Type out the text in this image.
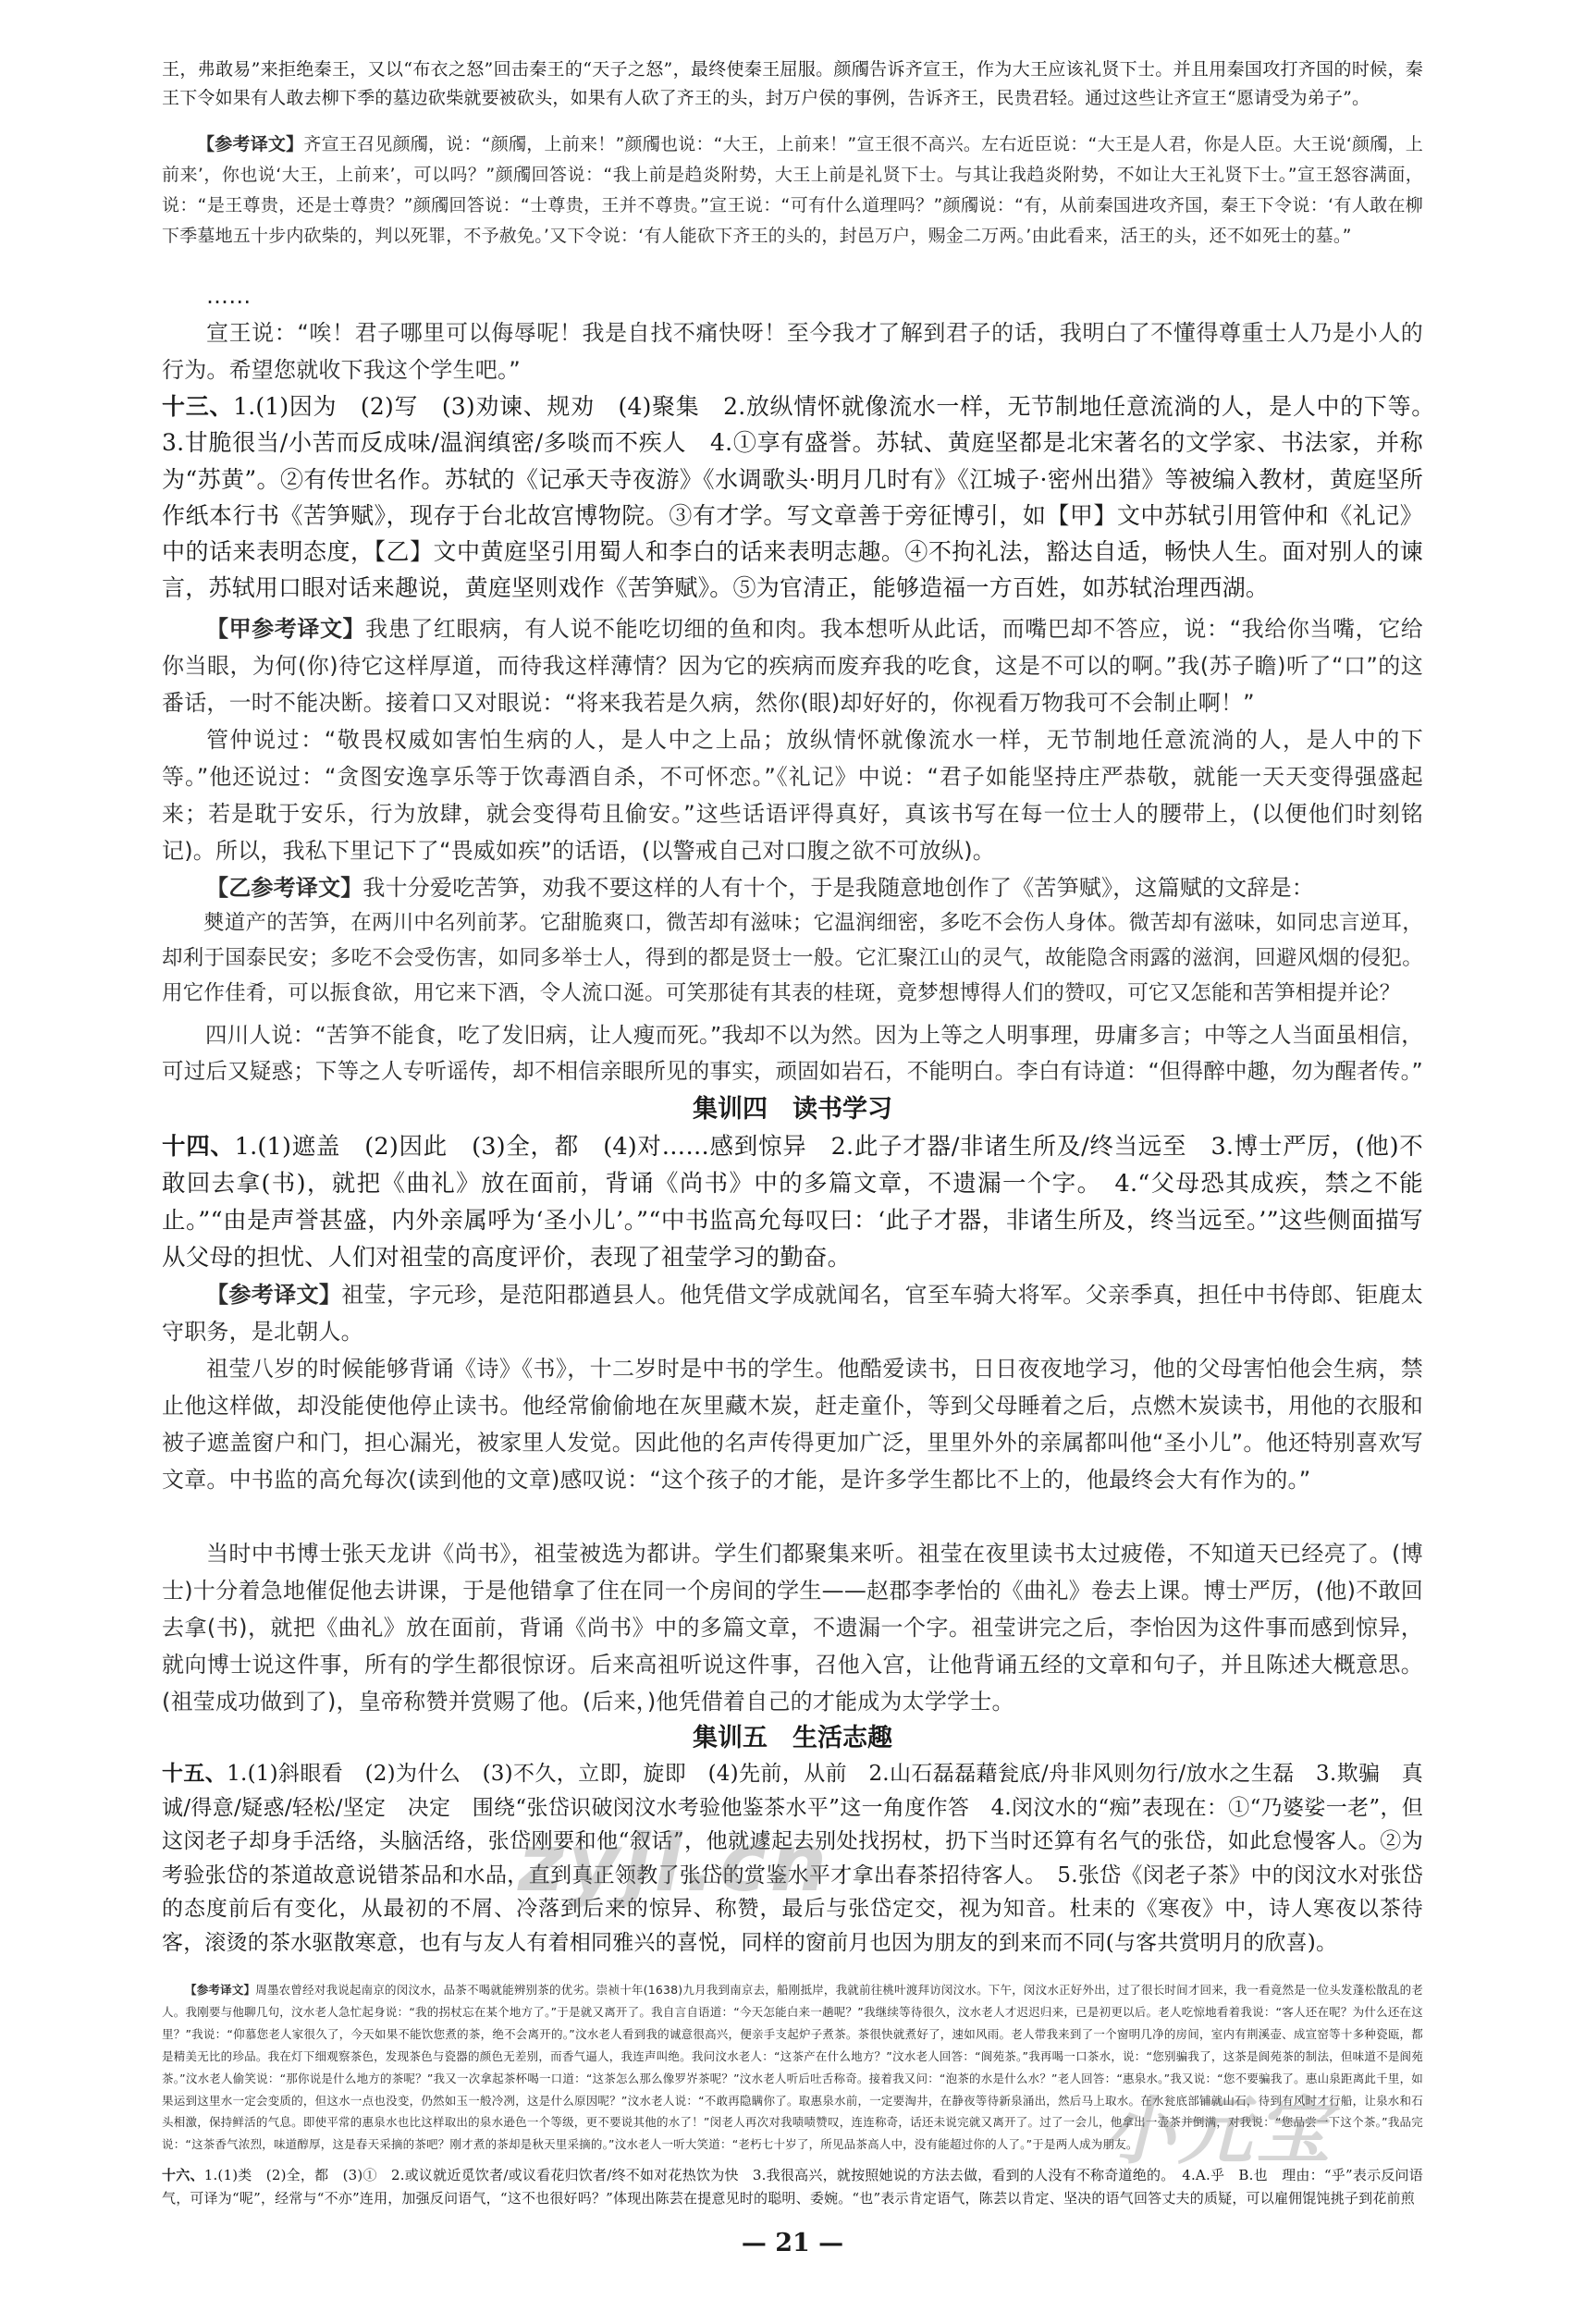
王，弗敢易”来拒绝秦王，又以“布衣之怒”回击秦王的“天子之怒”，最终使秦王屈服。颜斶告诉齐宣王，作为大王应该礼贤下士。并且用秦国攻打齐国的时候，秦王下令如果有人敢去柳下季的墓边砍柴就要被砍头，如果有人砍了齐王的头，封万户侯的事例，告诉齐王，民贵君轻。通过这些让齐宣王“愿请受为弟子”。
【参考译文】齐宣王召见颜斶，说：“颜斶，上前来！”颜斶也说：“大王，上前来！”宣王很不高兴。左右近臣说：“大王是人君，你是人臣。大王说‘颜斶，上前来’，你也说‘大王，上前来’，可以吗？”颜斶回答说：“我上前是趋炎附势，大王上前是礼贤下士。与其让我趋炎附势，不如让大王礼贤下士。”宣王怒容满面，说：“是王尊贵，还是士尊贵？”颜斶回答说：“士尊贵，王并不尊贵。”宣王说：“可有什么道理吗？”颜斶说：“有，从前秦国进攻齐国，秦王下令说：‘有人敢在柳下季墓地五十步内砍柴的，判以死罪，不予赦免。’又下令说：‘有人能砍下齐王的头的，封邑万户，赐金二万两。’由此看来，活王的头，还不如死士的墓。”
……
宣王说：“唉！君子哪里可以侮辱呢！我是自找不痛快呀！至今我才了解到君子的话，我明白了不懂得尊重士人乃是小人的行为。希望您就收下我这个学生吧。”
十三、1.(1)因为　(2)写　(3)劝谏、规劝　(4)聚集　2.放纵情怀就像流水一样，无节制地任意流淌的人，是人中的下等。　3.甘脆很当/小苦而反成味/温润缜密/多啖而不疾人　4.①享有盛誉。苏轼、黄庭坚都是北宋著名的文学家、书法家，并称为“苏黄”。②有传世名作。苏轼的《记承天寺夜游》《水调歌头·明月几时有》《江城子·密州出猎》等被编入教材，黄庭坚所作纸本行书《苦笋赋》，现存于台北故宫博物院。③有才学。写文章善于旁征博引，如【甲】文中苏轼引用管仲和《礼记》中的话来表明态度，【乙】文中黄庭坚引用蜀人和李白的话来表明志趣。④不拘礼法，豁达自适，畅快人生。面对别人的谏言，苏轼用口眼对话来趣说，黄庭坚则戏作《苦笋赋》。⑤为官清正，能够造福一方百姓，如苏轼治理西湖。
【甲参考译文】我患了红眼病，有人说不能吃切细的鱼和肉。我本想听从此话，而嘴巴却不答应，说：“我给你当嘴，它给你当眼，为何(你)待它这样厚道，而待我这样薄情？因为它的疾病而废弃我的吃食，这是不可以的啊。”我(苏子瞻)听了“口”的这番话，一时不能决断。接着口又对眼说：“将来我若是久病，然你(眼)却好好的，你视看万物我可不会制止啊！”
管仲说过：“敬畏权威如害怕生病的人，是人中之上品；放纵情怀就像流水一样，无节制地任意流淌的人，是人中的下等。”他还说过：“贪图安逸享乐等于饮毒酒自杀，不可怀恋。”《礼记》中说：“君子如能坚持庄严恭敬，就能一天天变得强盛起来；若是耽于安乐，行为放肆，就会变得苟且偷安。”这些话语评得真好，真该书写在每一位士人的腰带上，(以便他们时刻铭记)。所以，我私下里记下了“畏威如疾”的话语，(以警戒自己对口腹之欲不可放纵)。
【乙参考译文】我十分爱吃苦笋，劝我不要这样的人有十个，于是我随意地创作了《苦笋赋》，这篇赋的文辞是：
僰道产的苦笋，在两川中名列前茅。它甜脆爽口，微苦却有滋味；它温润细密，多吃不会伤人身体。微苦却有滋味，如同忠言逆耳，却利于国泰民安；多吃不会受伤害，如同多举士人，得到的都是贤士一般。它汇聚江山的灵气，故能隐含雨露的滋润，回避风烟的侵犯。用它作佳肴，可以振食欲，用它来下酒，令人流口涎。可笑那徒有其表的桂斑，竟梦想博得人们的赞叹，可它又怎能和苦笋相提并论？
四川人说：“苦笋不能食，吃了发旧病，让人瘦而死。”我却不以为然。因为上等之人明事理，毋庸多言；中等之人当面虽相信，可过后又疑惑；下等之人专听谣传，却不相信亲眼所见的事实，顽固如岩石，不能明白。李白有诗道：“但得醉中趣，勿为醒者传。”
集训四　读书学习
十四、1.(1)遮盖　(2)因此　(3)全，都　(4)对……感到惊异　2.此子才器/非诸生所及/终当远至　3.博士严厉，(他)不敢回去拿(书)，就把《曲礼》放在面前，背诵《尚书》中的多篇文章，不遗漏一个字。　4.“父母恐其成疾，禁之不能止。”“由是声誉甚盛，内外亲属呼为‘圣小儿’。”“中书监高允每叹曰：‘此子才器，非诸生所及，终当远至。’”这些侧面描写从父母的担忧、人们对祖莹的高度评价，表现了祖莹学习的勤奋。
【参考译文】祖莹，字元珍，是范阳郡遒县人。他凭借文学成就闻名，官至车骑大将军。父亲季真，担任中书侍郎、钜鹿太守职务，是北朝人。
祖莹八岁的时候能够背诵《诗》《书》，十二岁时是中书的学生。他酷爱读书，日日夜夜地学习，他的父母害怕他会生病，禁止他这样做，却没能使他停止读书。他经常偷偷地在灰里藏木炭，赶走童仆，等到父母睡着之后，点燃木炭读书，用他的衣服和被子遮盖窗户和门，担心漏光，被家里人发觉。因此他的名声传得更加广泛，里里外外的亲属都叫他“圣小儿”。他还特别喜欢写文章。中书监的高允每次(读到他的文章)感叹说：“这个孩子的才能，是许多学生都比不上的，他最终会大有作为的。”
当时中书博士张天龙讲《尚书》，祖莹被选为都讲。学生们都聚集来听。祖莹在夜里读书太过疲倦，不知道天已经亮了。(博士)十分着急地催促他去讲课，于是他错拿了住在同一个房间的学生——赵郡李孝怡的《曲礼》卷去上课。博士严厉，(他)不敢回去拿(书)，就把《曲礼》放在面前，背诵《尚书》中的多篇文章，不遗漏一个字。祖莹讲完之后，李怡因为这件事而感到惊异，就向博士说这件事，所有的学生都很惊讶。后来高祖听说这件事，召他入宫，让他背诵五经的文章和句子，并且陈述大概意思。(祖莹成功做到了)，皇帝称赞并赏赐了他。(后来，)他凭借着自己的才能成为太学学士。
集训五　生活志趣
十五、1.(1)斜眼看　(2)为什么　(3)不久，立即，旋即　(4)先前，从前　2.山石磊磊藉瓮底/舟非风则勿行/放水之生磊　3.欺骗　真诚/得意/疑惑/轻松/坚定　决定　围绕“张岱识破闵汶水考验他鉴茶水平”这一角度作答　4.闵汶水的“痴”表现在：①“乃婆娑一老”，但这闵老子却身手活络，头脑活络，张岱刚要和他“叙话”，他就遽起去别处找拐杖，扔下当时还算有名气的张岱，如此怠慢客人。②为考验张岱的茶道故意说错茶品和水品，直到真正领教了张岱的赏鉴水平才拿出春茶招待客人。　5.张岱《闵老子茶》中的闵汶水对张岱的态度前后有变化，从最初的不屑、冷落到后来的惊异、称赞，最后与张岱定交，视为知音。杜耒的《寒夜》中，诗人寒夜以茶待客，滚烫的茶水驱散寒意，也有与友人有着相同雅兴的喜悦，同样的窗前月也因为朋友的到来而不同(与客共赏明月的欣喜)。
【参考译文】周墨农曾经对我说起南京的闵汶水，品茶不喝就能辨别茶的优劣。崇祯十年(1638)九月我到南京去，船刚抵岸，我就前往桃叶渡拜访闵汶水。下午，闵汶水正好外出，过了很长时间才回来，我一看竟然是一位头发蓬松散乱的老人。我刚要与他聊几句，汶水老人急忙起身说：“我的拐杖忘在某个地方了。”于是就又离开了。我自言自语道：“今天怎能白来一趟呢？”我继续等待很久，汶水老人才迟迟归来，已是初更以后。老人吃惊地看着我说：“客人还在呢？为什么还在这里？”我说：“仰慕您老人家很久了，今天如果不能饮您煮的茶，绝不会离开的。”汶水老人看到我的诚意很高兴，便亲手支起炉子煮茶。茶很快就煮好了，速如风雨。老人带我来到了一个窗明几净的房间，室内有荆溪壶、成宣窑等十多种瓷瓯，都是精美无比的珍品。我在灯下细观察茶色，发现茶色与瓷器的颜色无差别，而香气逼人，我连声叫绝。我问汶水老人：“这茶产在什么地方？”汶水老人回答：“阆苑茶。”我再喝一口茶水，说：“您别骗我了，这茶是阆苑茶的制法，但味道不是阆苑茶。”汶水老人偷笑说：“那你说是什么地方的茶呢？”我又一次拿起茶杯喝一口道：“这茶怎么那么像罗岕茶呢？”汶水老人听后吐舌称奇。接着我又问：“泡茶的水是什么水？”老人回答：“惠泉水。”我又说：“您不要骗我了。惠山泉距离此千里，如果运到这里水一定会变质的，但这水一点也没变，仍然如玉一般冷冽，这是什么原因呢？”汶水老人说：“不敢再隐瞒你了。取惠泉水前，一定要淘井，在静夜等待新泉涌出，然后马上取水。在水瓮底部铺就山石，待到有风时才行船，让泉水和石头相激，保持鲜活的气息。即使平常的惠泉水也比这样取出的泉水逊色一个等级，更不要说其他的水了！”闵老人再次对我啧啧赞叹，连连称奇，话还未说完就又离开了。过了一会儿，他拿出一壶茶并倒满，对我说：“您品尝一下这个茶。”我品完说：“这茶香气浓烈，味道醇厚，这是春天采摘的茶吧？刚才煮的茶却是秋天里采摘的。”汶水老人一听大笑道：“老朽七十岁了，所见品茶高人中，没有能超过你的人了。”于是两人成为朋友。
十六、1.(1)类　(2)全，都　(3)①　2.或议就近觅饮者/或议看花归饮者/终不如对花热饮为快　3.我很高兴，就按照她说的方法去做，看到的人没有不称奇道绝的。　4.A.乎　B.也　理由：“乎”表示反问语气，可译为“呢”，经常与“不亦”连用，加强反问语气，“这不也很好吗？”体现出陈芸在提意见时的聪明、委婉。“也”表示肯定语气，陈芸以肯定、坚决的语气回答丈夫的质疑，可以雇佣馄饨挑子到花前煎
zyjl.cn
小元宝
— 21 —
